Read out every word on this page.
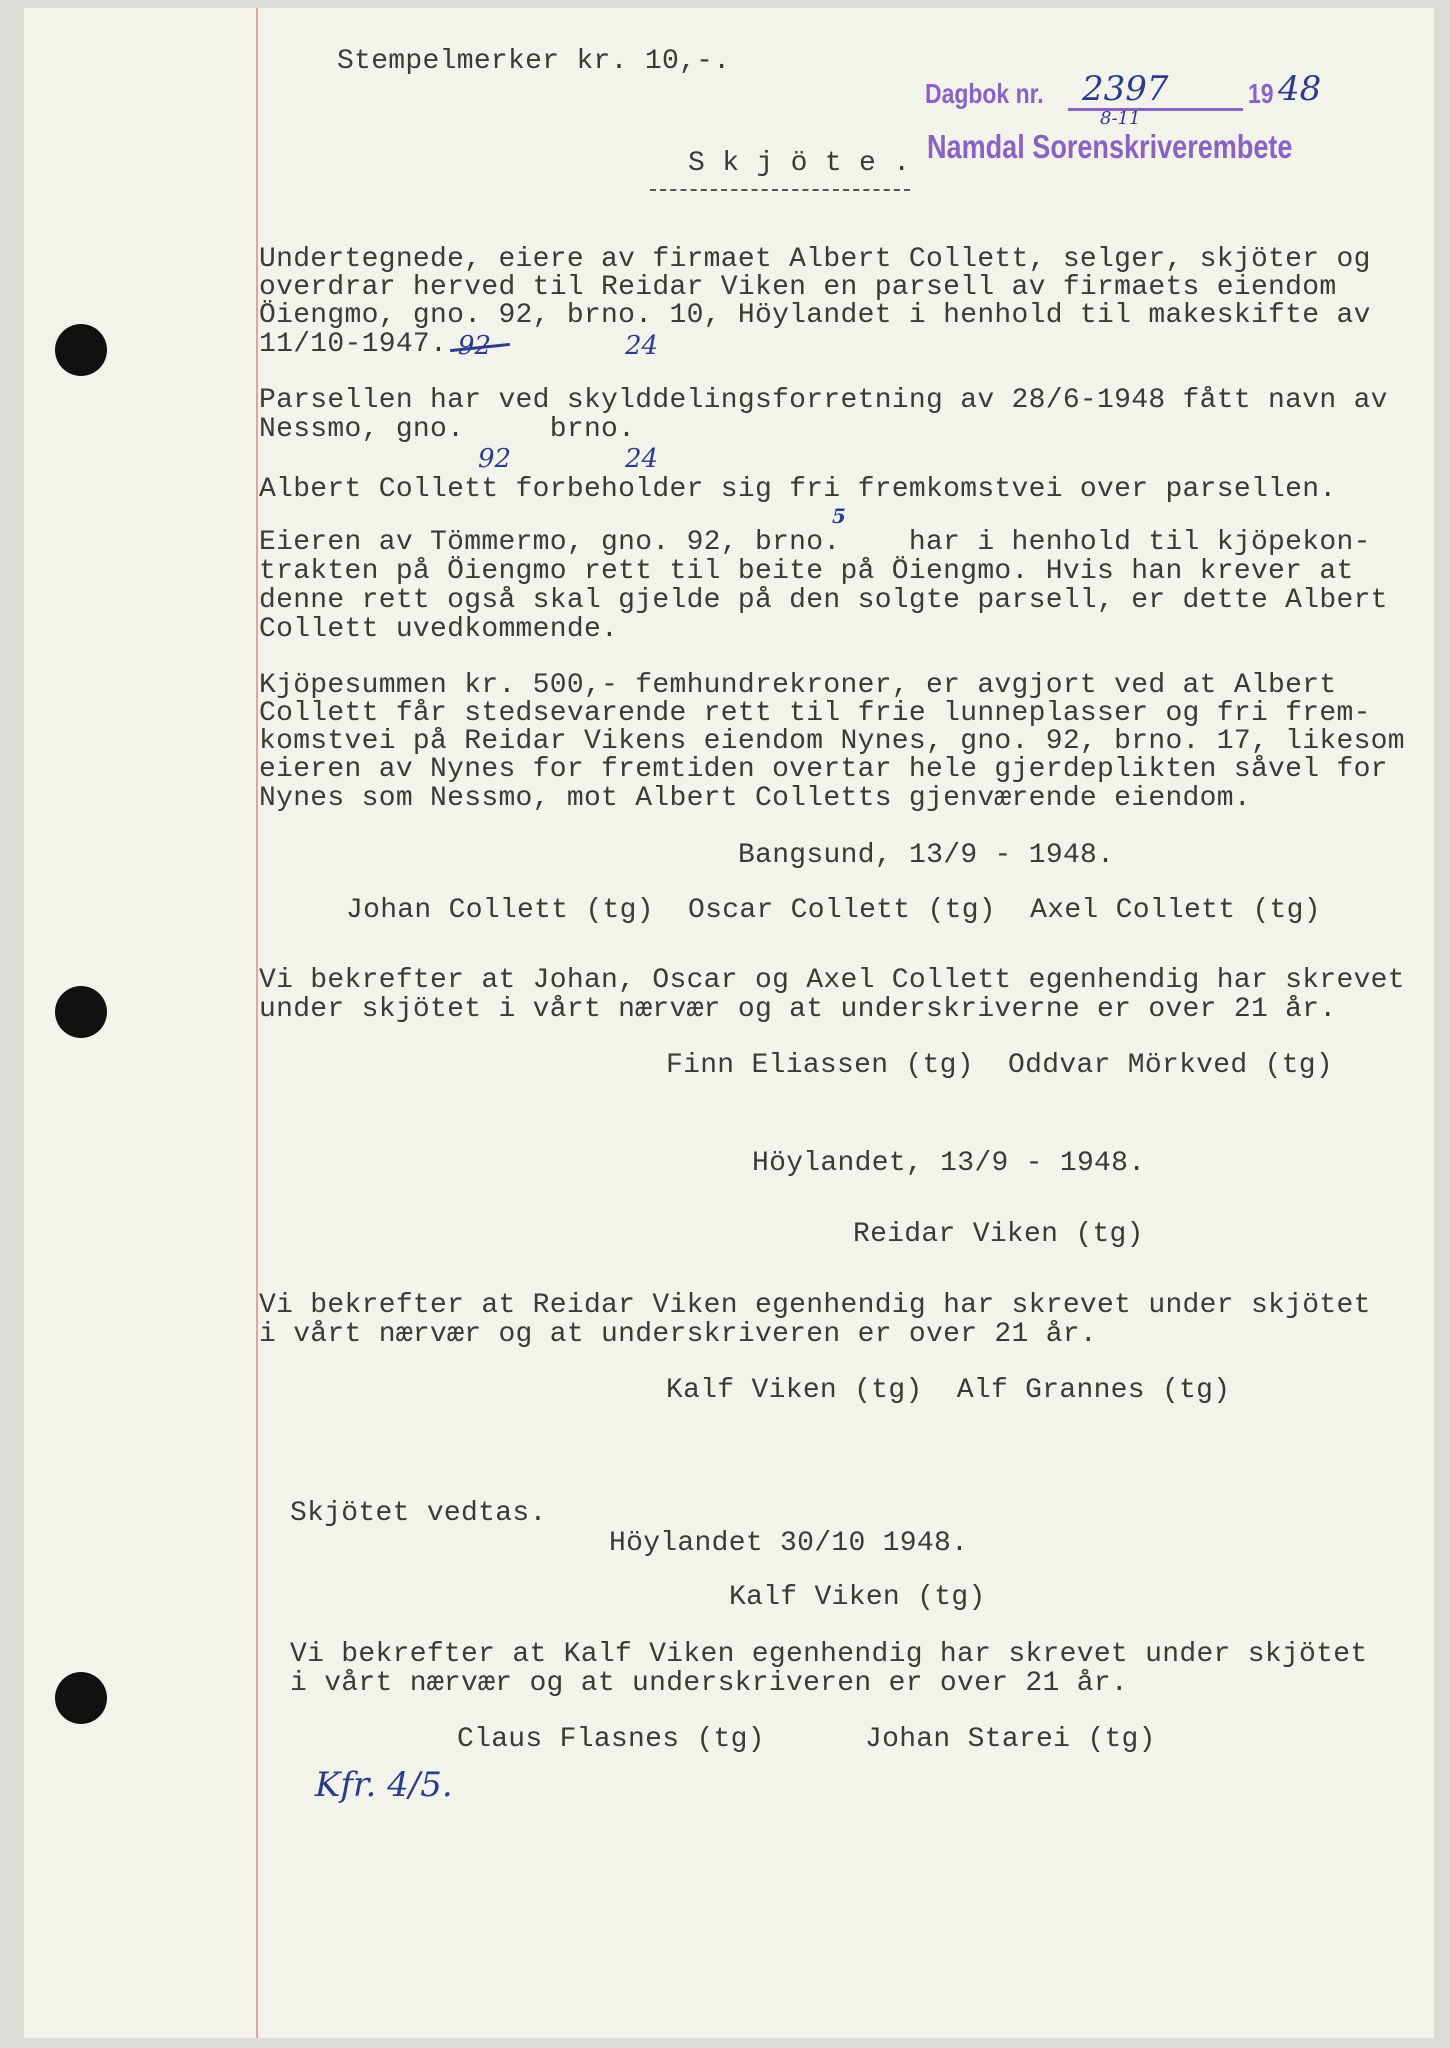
Stempelmerker kr. 10,-.
Dagbok nr. 2397	19 48
8-11
Namdal Sorenskriverembete
S k j ö t e .
Undertegnede, eiere av firmaet Albert Collett, selger, skjöter og
overdrar herved til Reidar Viken en parsell av firmaets eiendom
Öiengmo, gno. 92, brno. 10, Höylandet i henhold til makeskifte av
11/10-1947. 92	24
Parsellen har ved skylddelingsforretning av 28/6-1948 fått navn av
Nessmo, gno.     brno.
92	24
Albert Collett forbeholder sig fri fremkomstvei over parsellen.
5
Eieren av Tömmermo, gno. 92, brno.    har i henhold til kjöpekon-
trakten på Öiengmo rett til beite på Öiengmo. Hvis han krever at
denne rett også skal gjelde på den solgte parsell, er dette Albert
Collett uvedkommende.
Kjöpesummen kr. 500,- femhundrekroner, er avgjort ved at Albert
Collett får stedsevarende rett til frie lunneplasser og fri frem-
komstvei på Reidar Vikens eiendom Nynes, gno. 92, brno. 17, likesom
eieren av Nynes for fremtiden overtar hele gjerdeplikten såvel for
Nynes som Nessmo, mot Albert Colletts gjenværende eiendom.
Bangsund, 13/9 - 1948.
Johan Collett (tg)  Oscar Collett (tg)  Axel Collett (tg)
Vi bekrefter at Johan, Oscar og Axel Collett egenhendig har skrevet
under skjötet i vårt nærvær og at underskriverne er over 21 år.
Finn Eliassen (tg)  Oddvar Mörkved (tg)
Höylandet, 13/9 - 1948.
Reidar Viken (tg)
Vi bekrefter at Reidar Viken egenhendig har skrevet under skjötet
i vårt nærvær og at underskriveren er over 21 år.
Kalf Viken (tg)  Alf Grannes (tg)
Skjötet vedtas.
Höylandet 30/10 1948.
Kalf Viken (tg)
Vi bekrefter at Kalf Viken egenhendig har skrevet under skjötet
i vårt nærvær og at underskriveren er over 21 år.
Claus Flasnes (tg)	Johan Starei (tg)
Kfr. 4/5.
